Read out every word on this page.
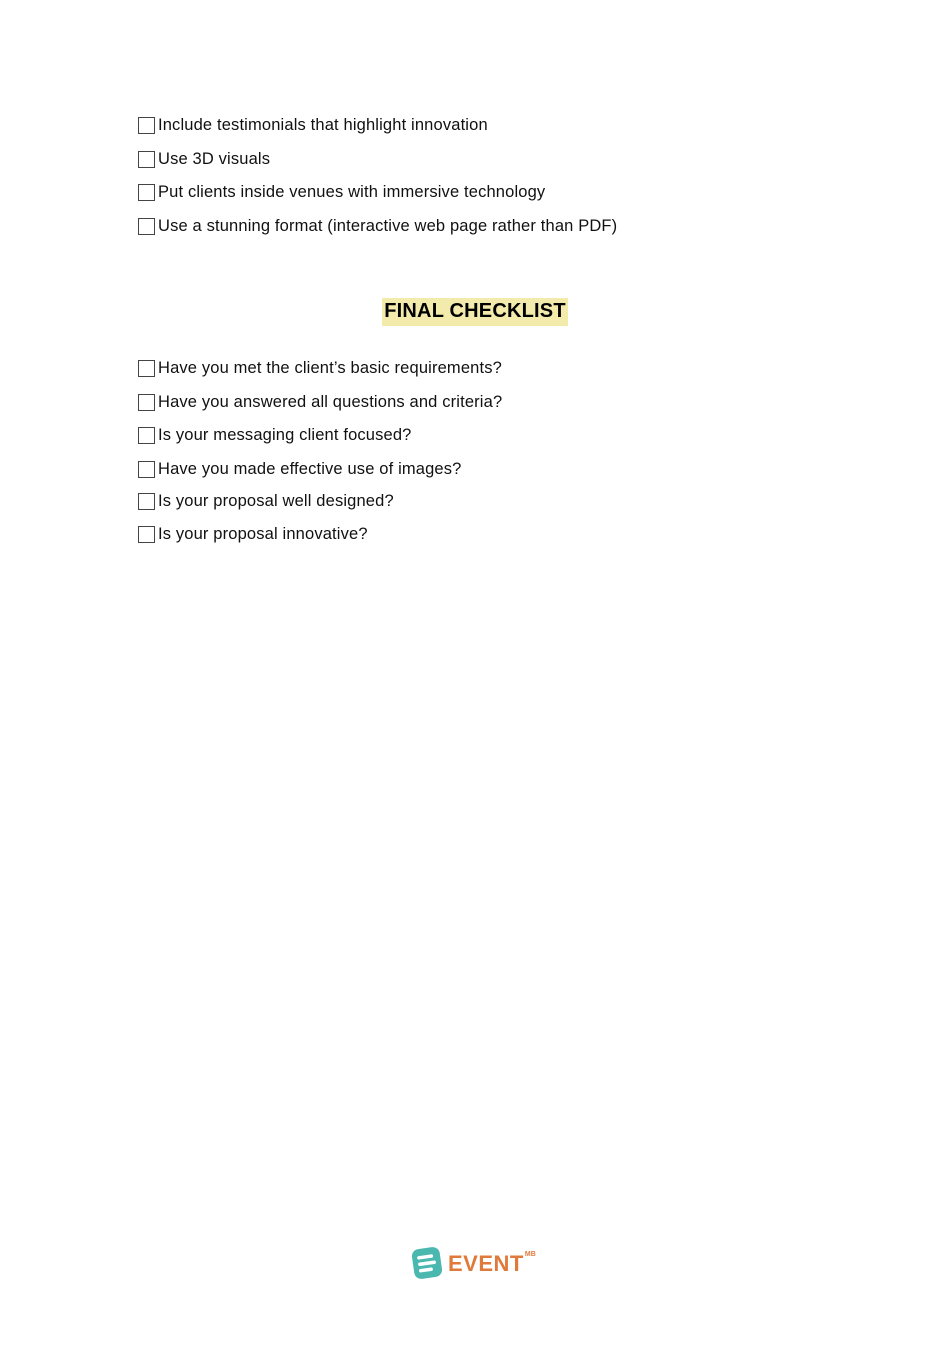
Include testimonials that highlight innovation
Use 3D visuals
Put clients inside venues with immersive technology
Use a stunning format (interactive web page rather than PDF)
FINAL CHECKLIST
Have you met the client’s basic requirements?
Have you answered all questions and criteria?
Is your messaging client focused?
Have you made effective use of images?
Is your proposal well designed?
Is your proposal innovative?
EVENT MB
